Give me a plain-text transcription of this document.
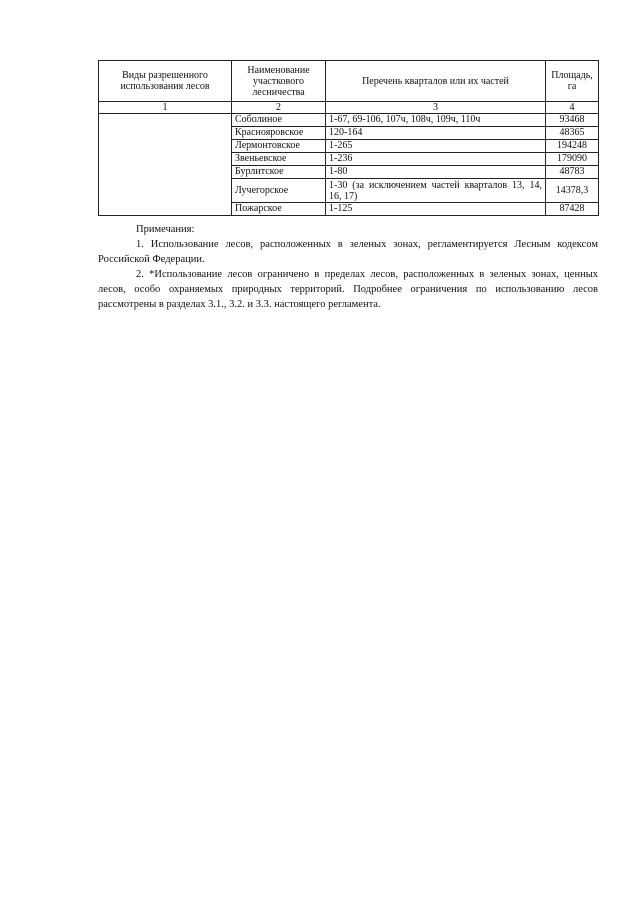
Виды разрешенного использования лесов	Наименование участкового лесничества	Перечень кварталов или их частей	Площадь, га
1	2	3	4
	Соболиное	1-67, 69-106, 107ч, 108ч, 109ч, 110ч	93468
	Краснояровское	120-164	48365
	Лермонтовское	1-265	194248
	Звеньевское	1-236	179090
	Бурлитское	1-80	48783
	Лучегорское	1-30 (за исключением частей кварталов 13, 14, 16, 17)	14378,3
	Пожарское	1-125	87428

Примечания:

1. Использование лесов, расположенных в зеленых зонах, регламентируется Лесным кодексом Российской Федерации.

2. *Использование лесов ограничено в пределах лесов, расположенных в зеленых зонах, ценных лесов, особо охраняемых природных территорий. Подробнее ограничения по использованию лесов рассмотрены в разделах 3.1., 3.2. и 3.3. настоящего регламента.
